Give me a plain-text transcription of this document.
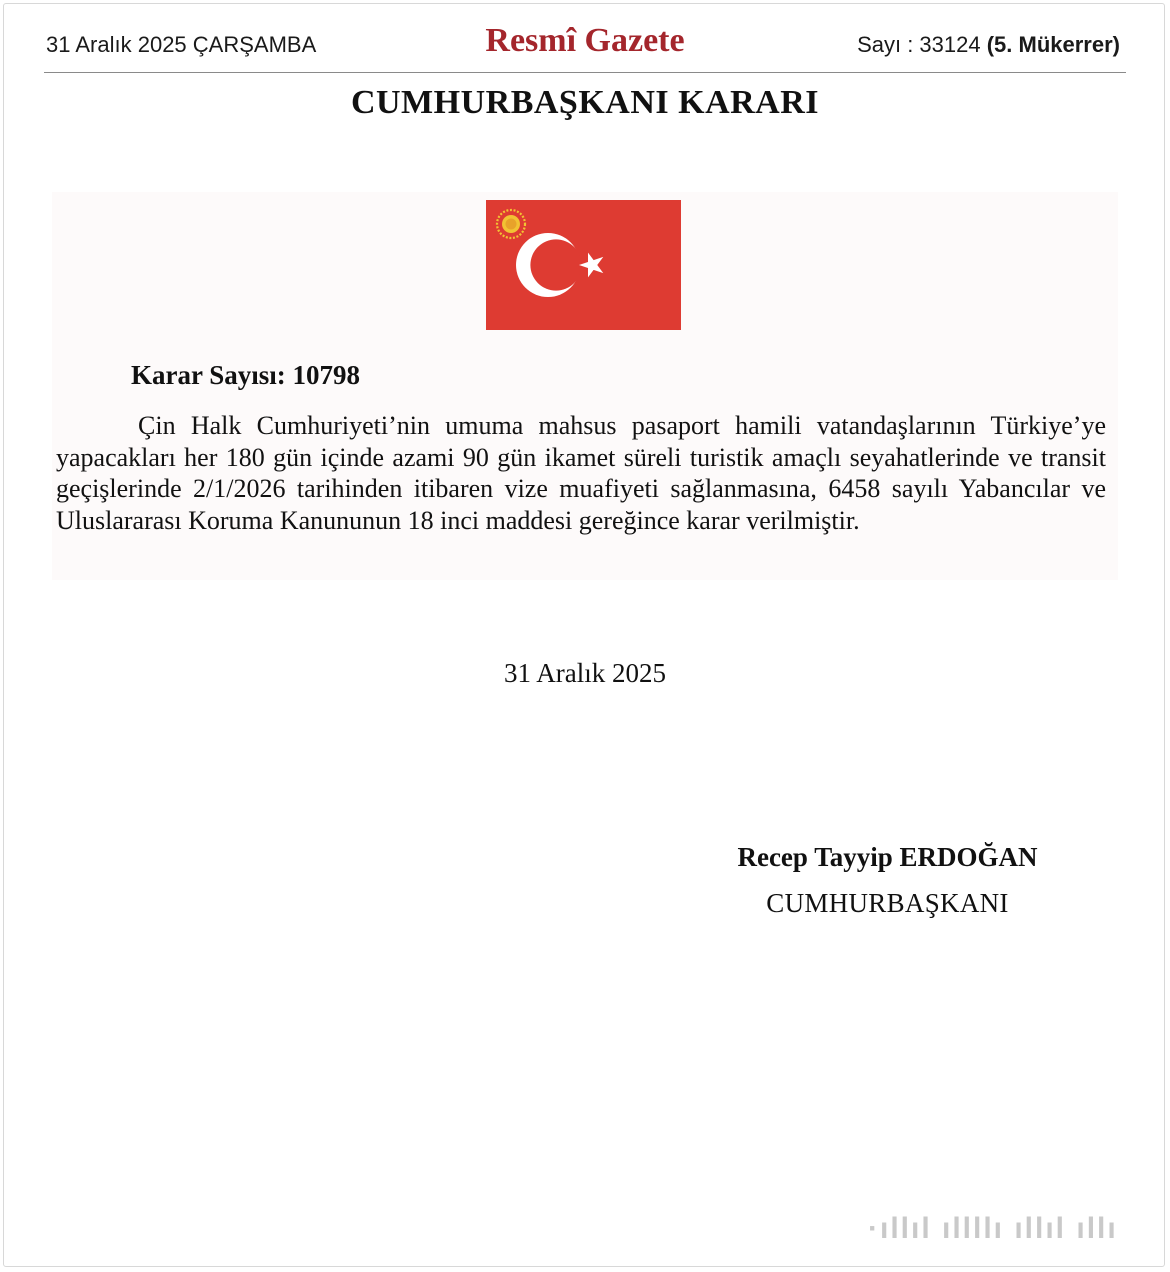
31 Aralık 2025 ÇARŞAMBA	Resmî Gazete	Sayı : 33124 (5. Mükerrer)
CUMHURBAŞKANI KARARI
Karar Sayısı: 10798

Çin Halk Cumhuriyeti’nin umuma mahsus pasaport hamili vatandaşlarının Türkiye’ye yapacakları her 180 gün içinde azami 90 gün ikamet süreli turistik amaçlı seyahatlerinde ve transit geçişlerinde 2/1/2026 tarihinden itibaren vize muafiyeti sağlanmasına, 6458 sayılı Yabancılar ve Uluslararası Koruma Kanununun 18 inci maddesi gereğince karar verilmiştir.

31 Aralık 2025
Recep Tayyip ERDOĞAN
CUMHURBAŞKANI
·ıllıl ıllllı ıllıl ıllı
